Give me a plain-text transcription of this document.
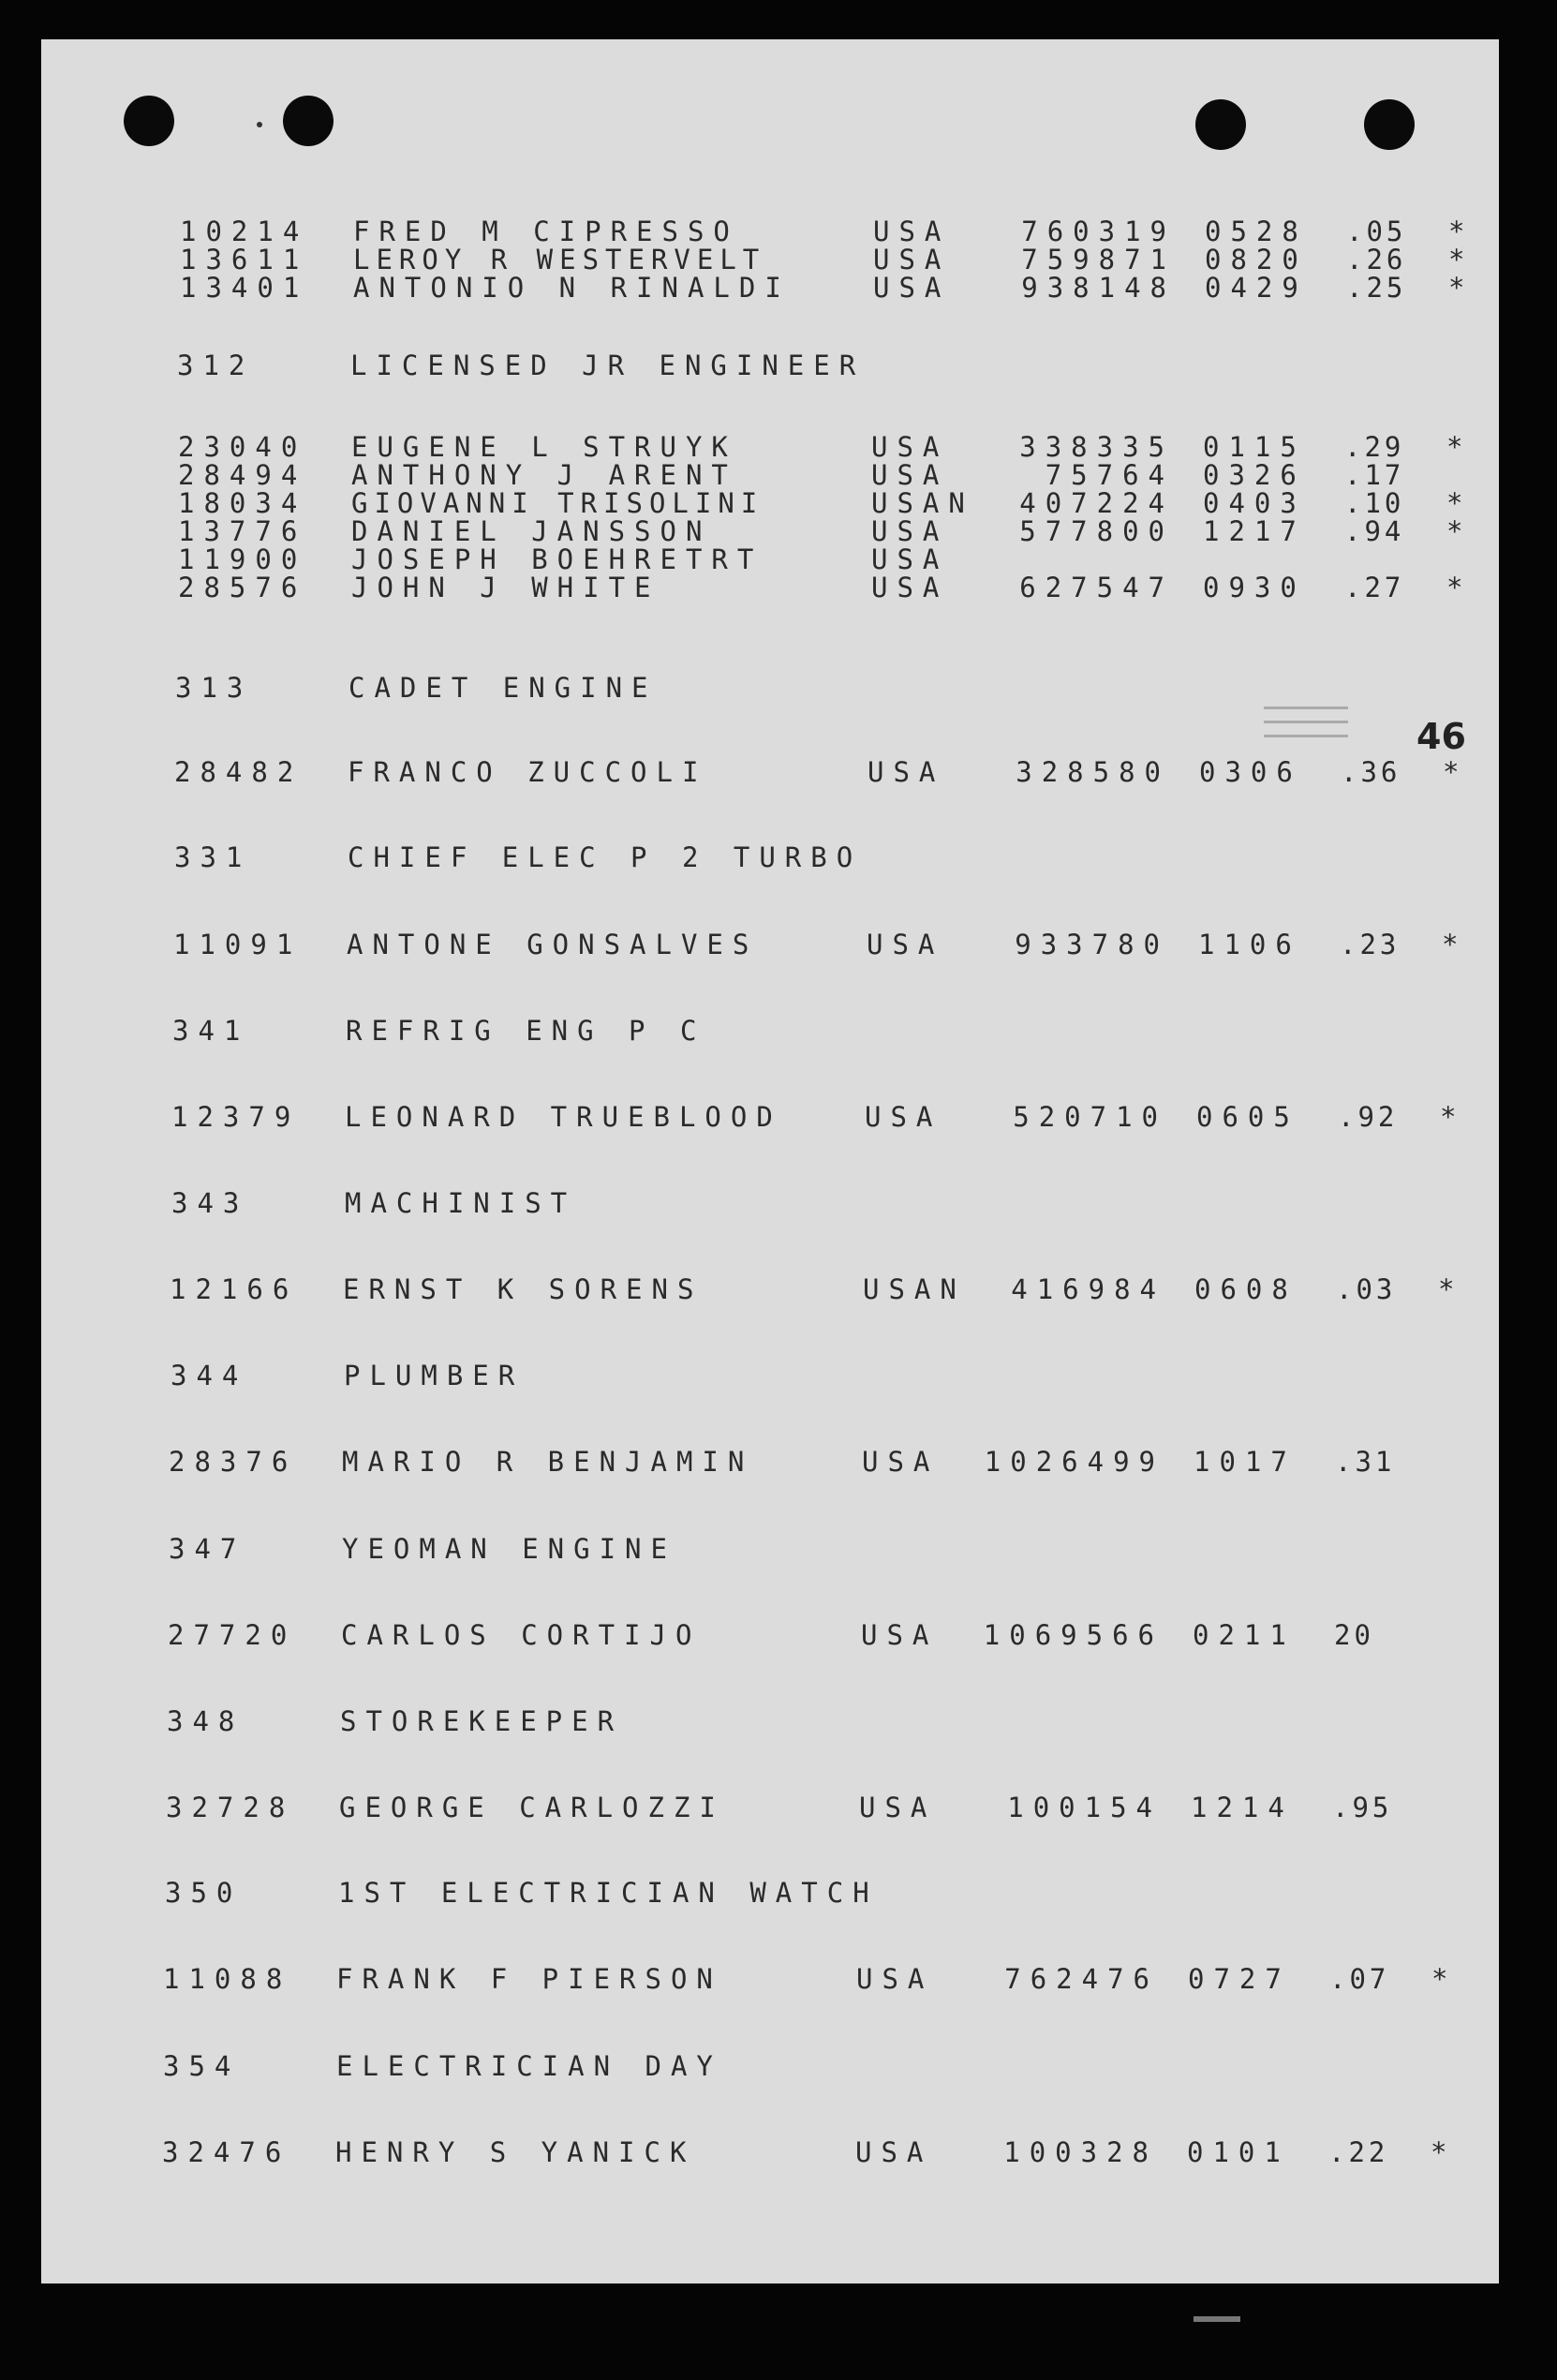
46
10214 FRED M CIPRESSO	USA	760319 0528 .05 *
13611 LEROY R WESTERVELT	USA	759871 0820 .26 *
13401 ANTONIO N RINALDI	USA	938148 0429 .25 *
312	LICENSED JR ENGINEER
23040 EUGENE L STRUYK	USA	338335 0115 .29 *
28494 ANTHONY J ARENT	USA	75764 0326 .17
18034 GIOVANNI TRISOLINI	USAN	407224 0403 .10 *
13776 DANIEL JANSSON	USA	577800 1217 .94 *
11900 JOSEPH BOEHRETRT	USA
28576 JOHN J WHITE	USA	627547 0930 .27 *
313	CADET ENGINE
28482 FRANCO ZUCCOLI	USA	328580 0306 .36 *
331	CHIEF ELEC P 2 TURBO
11091 ANTONE GONSALVES	USA	933780 1106 .23 *
341	REFRIG ENG P C
12379 LEONARD TRUEBLOOD	USA	520710 0605 .92 *
343	MACHINIST
12166 ERNST K SORENS	USAN	416984 0608 .03 *
344	PLUMBER
28376 MARIO R BENJAMIN	USA	1026499 1017 .31
347	YEOMAN ENGINE
27720 CARLOS CORTIJO	USA	1069566 0211 20
348	STOREKEEPER
32728 GEORGE CARLOZZI	USA	100154 1214 .95
350	1ST ELECTRICIAN WATCH
11088 FRANK F PIERSON	USA	762476 0727 .07 *
354	ELECTRICIAN DAY
32476 HENRY S YANICK	USA	100328 0101 .22 *
